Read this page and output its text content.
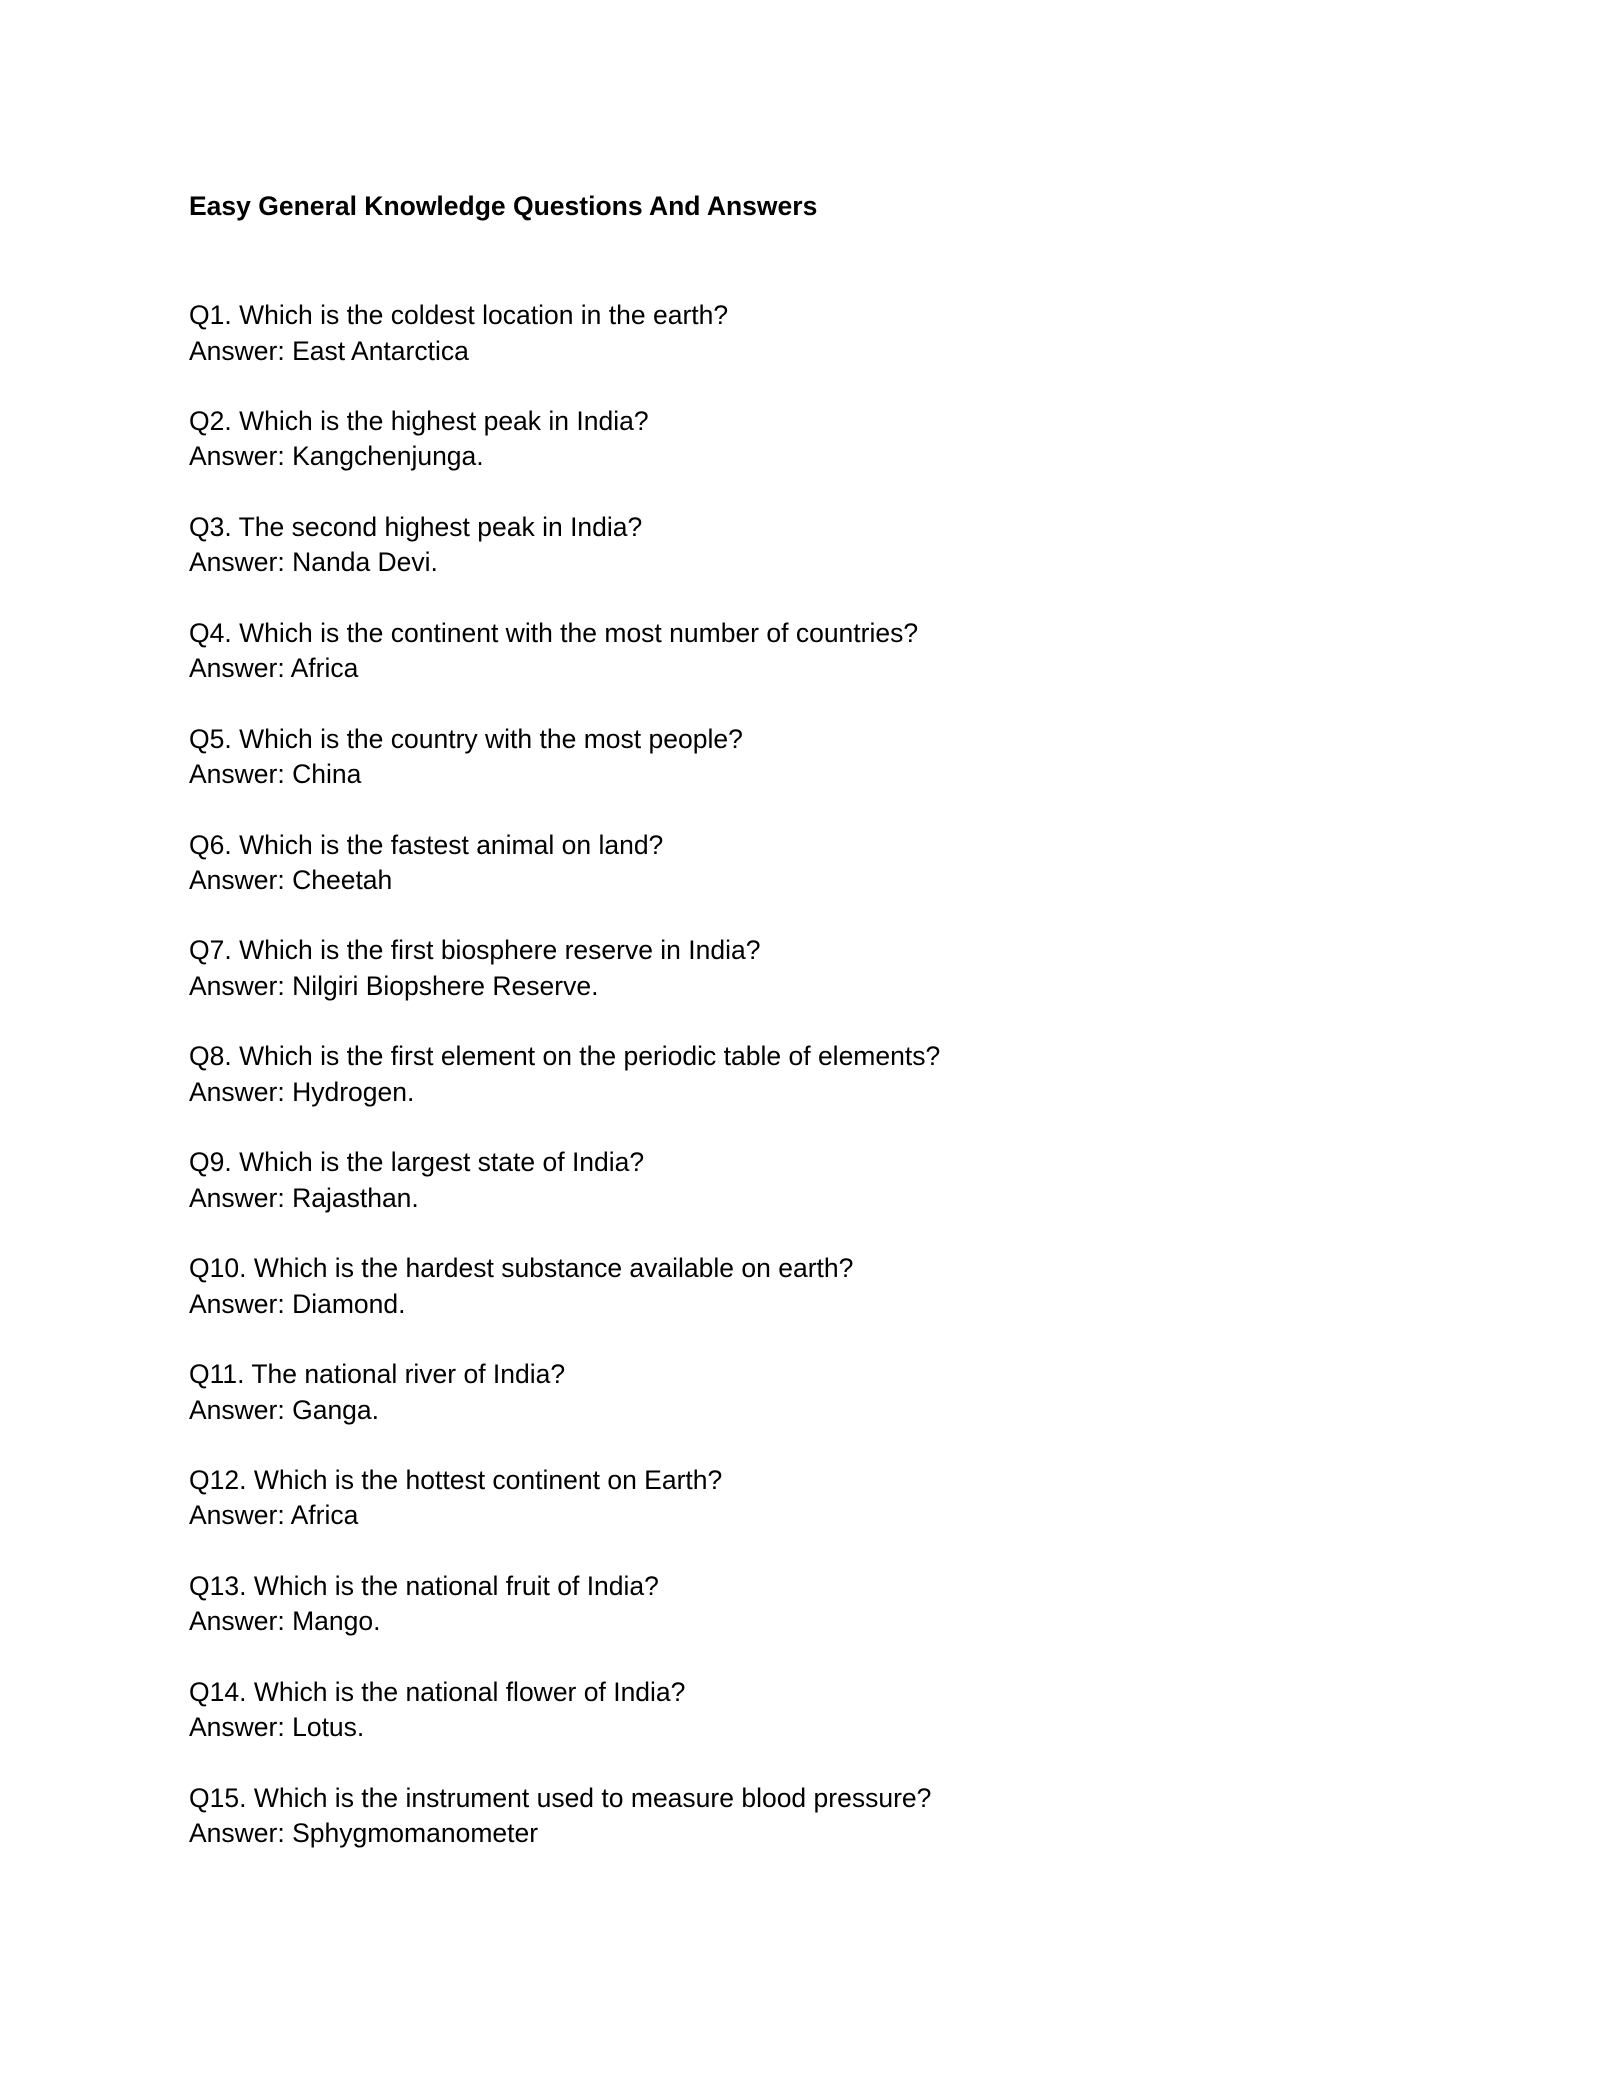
Easy General Knowledge Questions And Answers
Q1. Which is the coldest location in the earth?
Answer: East Antarctica
Q2. Which is the highest peak in India?
Answer: Kangchenjunga.
Q3. The second highest peak in India?
Answer: Nanda Devi.
Q4. Which is the continent with the most number of countries?
Answer: Africa
Q5. Which is the country with the most people?
Answer: China
Q6. Which is the fastest animal on land?
Answer: Cheetah
Q7. Which is the first biosphere reserve in India?
Answer: Nilgiri Biopshere Reserve.
Q8. Which is the first element on the periodic table of elements?
Answer: Hydrogen.
Q9. Which is the largest state of India?
Answer: Rajasthan.
Q10. Which is the hardest substance available on earth?
Answer: Diamond.
Q11. The national river of India?
Answer: Ganga.
Q12. Which is the hottest continent on Earth?
Answer: Africa
Q13. Which is the national fruit of India?
Answer: Mango.
Q14. Which is the national flower of India?
Answer: Lotus.
Q15. Which is the instrument used to measure blood pressure?
Answer: Sphygmomanometer
